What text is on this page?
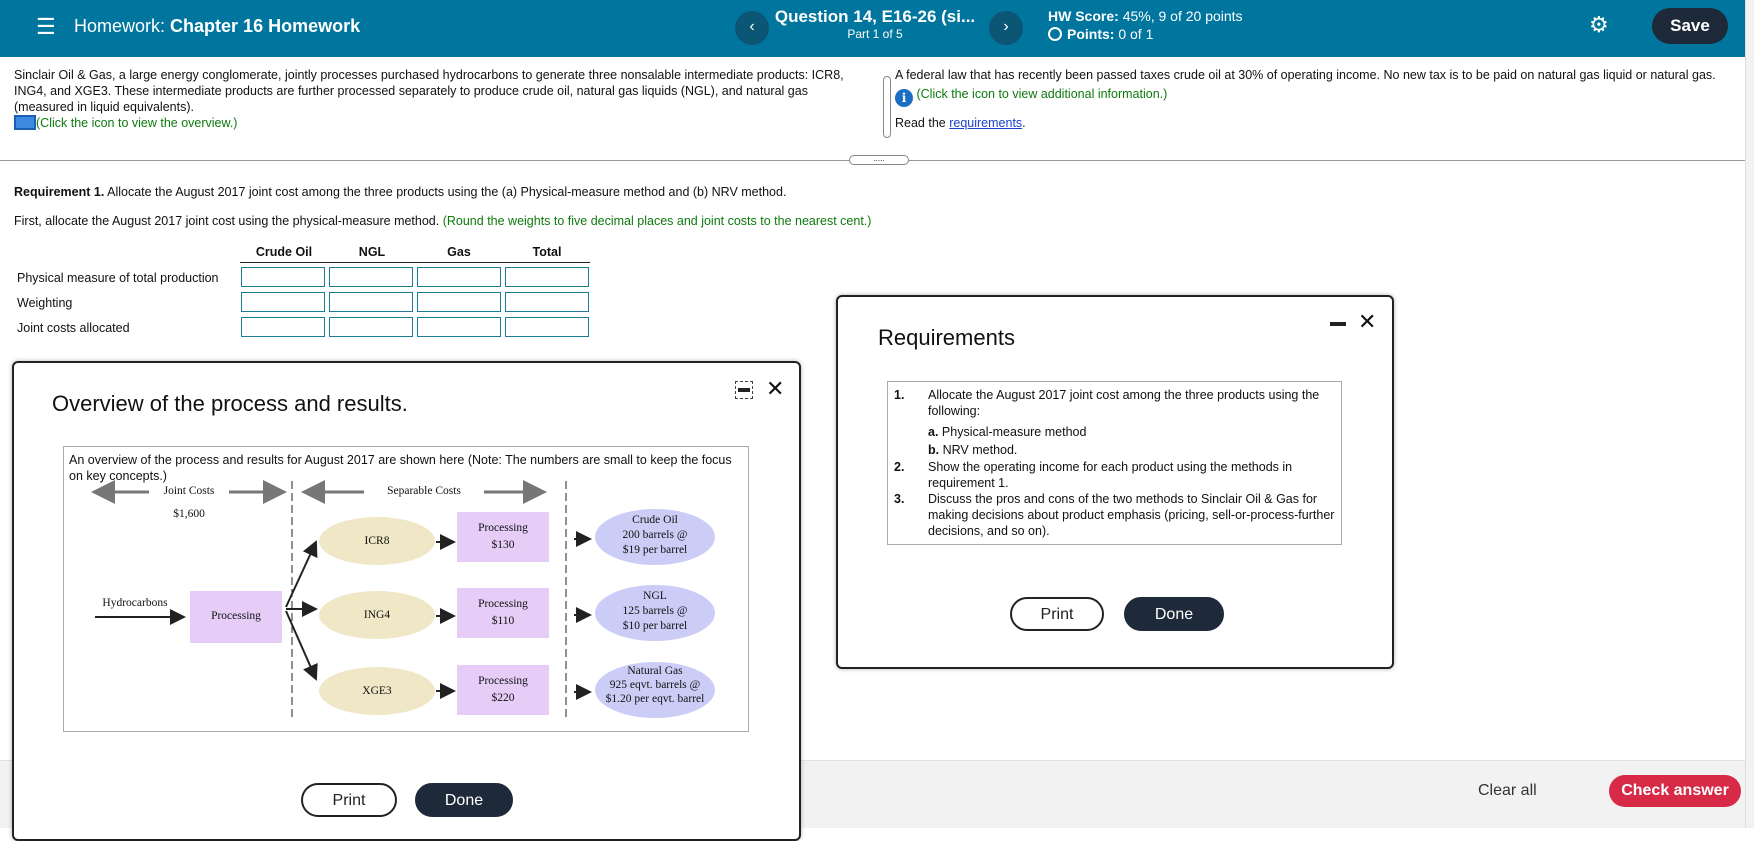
☰ Homework: Chapter 16 Homework	‹
Question 14, E16-26 (si...
Part 1 of 5	›
HW Score: 45%, 9 of 20 points
Points: 0 of 1	⚙	Save
Sinclair Oil & Gas, a large energy conglomerate, jointly processes purchased hydrocarbons to generate three nonsalable intermediate products: ICR8, ING4, and XGE3. These intermediate products are further processed separately to produce crude oil, natural gas liquids (NGL), and natural gas (measured in liquid equivalents).
(Click the icon to view the overview.)
A federal law that has recently been passed taxes crude oil at 30% of operating income. No new tax is to be paid on natural gas liquid or natural gas.

i (Click the icon to view additional information.)
Read the requirements.
.....
Requirement 1. Allocate the August 2017 joint cost among the three products using the (a) Physical-measure method and (b) NRV method.
First, allocate the August 2017 joint cost using the physical-measure method. (Round the weights to five decimal places and joint costs to the nearest cent.)
Crude Oil	NGL	Gas	Total
Physical measure of total production
Weighting
Joint costs allocated
Clear all	Check answer
Overview of the process and results.
✕
Print	Done
An overview of the process and results for August 2017 are shown here (Note: The numbers are small to keep the focus on key concepts.)
Joint Costs
$1,600
Separable Costs
Hydrocarbons
Processing
ICR8
Processing
$130
Crude Oil
200 barrels @
$19 per barrel
ING4
Processing
$110
NGL
125 barrels @
$10 per barrel
XGE3
Processing
$220
Natural Gas
925 eqvt. barrels @
$1.20 per eqvt. barrel
Requirements
✕
Print	Done
1. Allocate the August 2017 joint cost among the three products using the following:
a. Physical-measure method
b. NRV method.
2. Show the operating income for each product using the methods in requirement 1.
3. Discuss the pros and cons of the two methods to Sinclair Oil & Gas for making decisions about product emphasis (pricing, sell-or-process-further decisions, and so on).
